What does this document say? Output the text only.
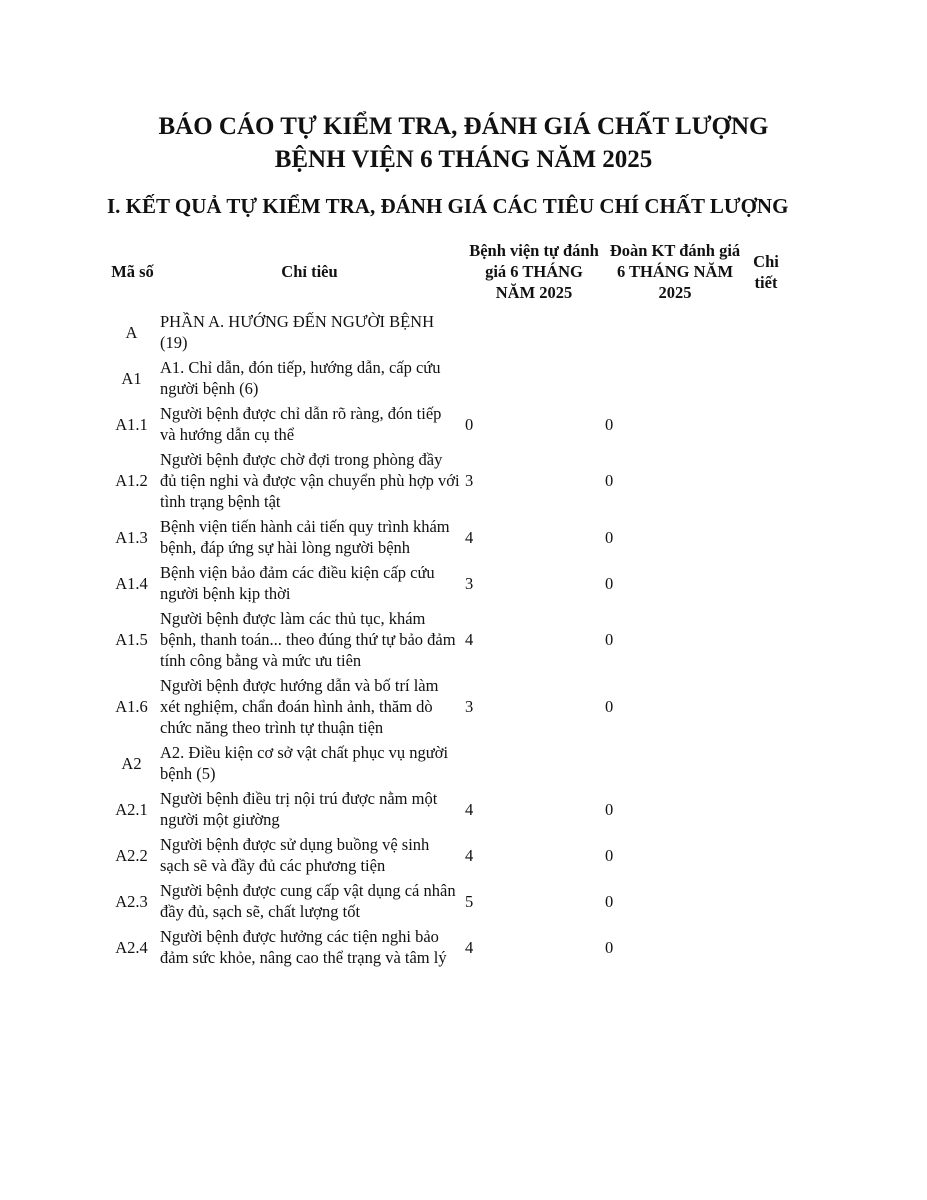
BÁO CÁO TỰ KIỂM TRA, ĐÁNH GIÁ CHẤT LƯỢNG
BỆNH VIỆN 6 THÁNG NĂM 2025
I. KẾT QUẢ TỰ KIỂM TRA, ĐÁNH GIÁ CÁC TIÊU CHÍ CHẤT LƯỢNG
Mã số	Chỉ tiêu	Bệnh viện tự đánh giá 6 THÁNG NĂM 2025	Đoàn KT đánh giá 6 THÁNG NĂM 2025	Chi tiết
A	PHẦN A. HƯỚNG ĐẾN NGƯỜI BỆNH (19)			
A1	A1. Chỉ dẫn, đón tiếp, hướng dẫn, cấp cứu người bệnh (6)			
A1.1	Người bệnh được chỉ dẫn rõ ràng, đón tiếp và hướng dẫn cụ thể	0	0	
A1.2	Người bệnh được chờ đợi trong phòng đầy đủ tiện nghi và được vận chuyển phù hợp với tình trạng bệnh tật	3	0	
A1.3	Bệnh viện tiến hành cải tiến quy trình khám bệnh, đáp ứng sự hài lòng người bệnh	4	0	
A1.4	Bệnh viện bảo đảm các điều kiện cấp cứu người bệnh kịp thời	3	0	
A1.5	Người bệnh được làm các thủ tục, khám bệnh, thanh toán... theo đúng thứ tự bảo đảm tính công bằng và mức ưu tiên	4	0	
A1.6	Người bệnh được hướng dẫn và bố trí làm xét nghiệm, chẩn đoán hình ảnh, thăm dò chức năng theo trình tự thuận tiện	3	0	
A2	A2. Điều kiện cơ sở vật chất phục vụ người bệnh (5)			
A2.1	Người bệnh điều trị nội trú được nằm một người một giường	4	0	
A2.2	Người bệnh được sử dụng buồng vệ sinh sạch sẽ và đầy đủ các phương tiện	4	0	
A2.3	Người bệnh được cung cấp vật dụng cá nhân đầy đủ, sạch sẽ, chất lượng tốt	5	0	
A2.4	Người bệnh được hưởng các tiện nghi bảo đảm sức khỏe, nâng cao thể trạng và tâm lý	4	0	
